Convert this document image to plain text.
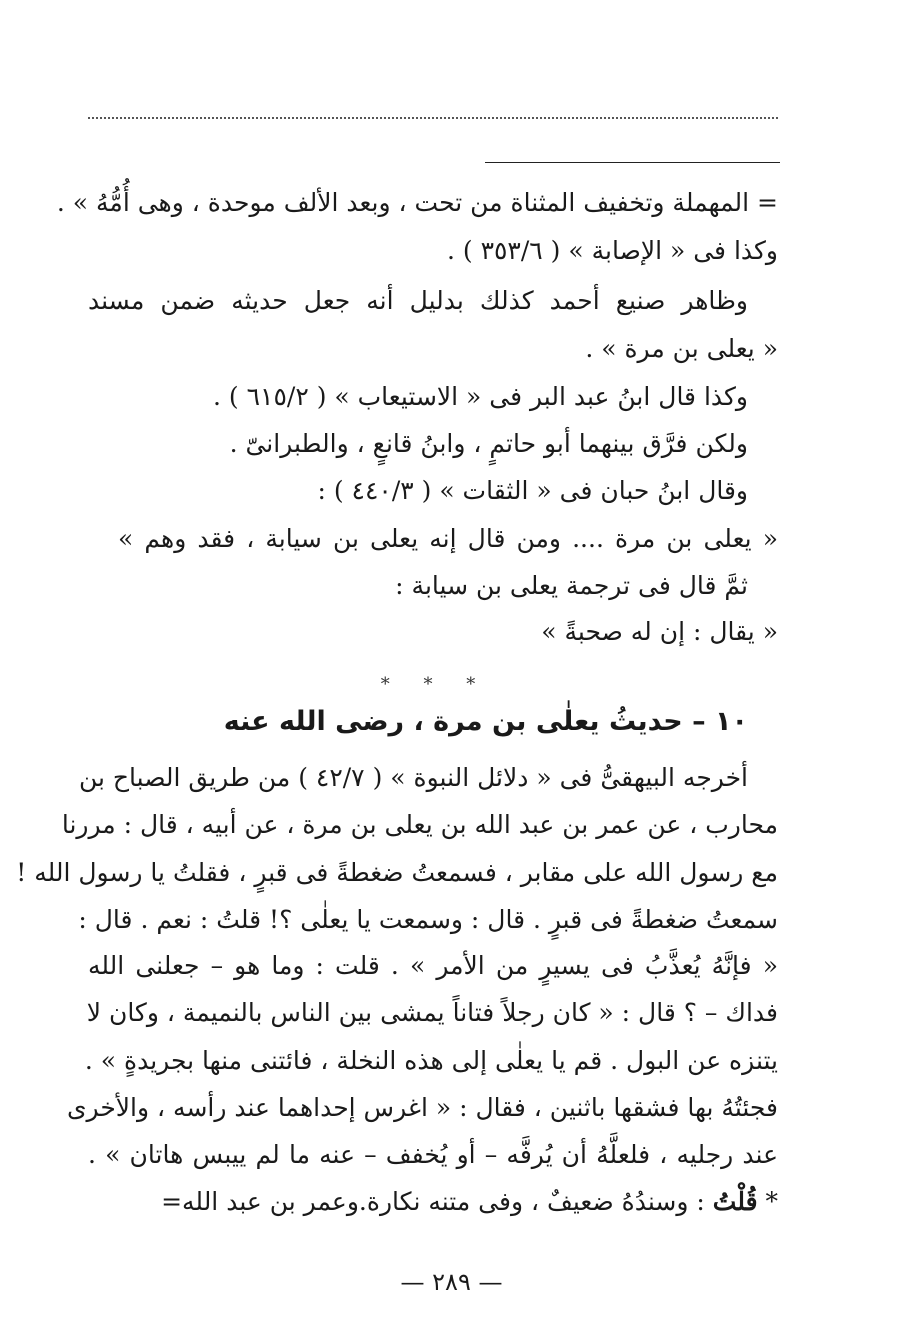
= المهملة وتخفيف المثناة من تحت ، وبعد الألف موحدة ، وهى أُمُّهُ » .
وكذا فى « الإصابة » ( ٣٥٣/٦ ) .
وظاهر صنيع أحمد كذلك بدليل أنه جعل حديثه ضمن مسند
« يعلى بن مرة » .
وكذا قال ابنُ عبد البر فى « الاستيعاب » ( ٦١٥/٢ ) .
ولكن فرَّق بينهما أبو حاتمٍ ، وابنُ قانعٍ ، والطبرانىّ .
وقال ابنُ حبان فى « الثقات » ( ٤٤٠/٣ ) :
« يعلى بن مرة .... ومن قال إنه يعلى بن سيابة ، فقد وهم »
ثمَّ قال فى ترجمة يعلى بن سيابة :
« يقال : إن له صحبةً »
* * *
١٠ – حديثُ يعلٰى بن مرة ، رضى الله عنه
أخرجه البيهقىُّ فى « دلائل النبوة » ( ٤٢/٧ ) من طريق الصباح بن
محارب ، عن عمر بن عبد الله بن يعلى بن مرة ، عن أبيه ، قال : مررنا
مع رسول الله على مقابر ، فسمعتُ ضغطةً فى قبرٍ ، فقلتُ يا رسول الله !
سمعتُ ضغطةً فى قبرٍ . قال : وسمعت يا يعلٰى ؟! قلتُ : نعم . قال :
« فإنَّهُ يُعذَّبُ فى يسيرٍ من الأمر » . قلت : وما هو – جعلنى الله
فداك – ؟ قال : « كان رجلاً فتاناً يمشى بين الناس بالنميمة ، وكان لا
يتنزه عن البول . قم يا يعلٰى إلى هذه النخلة ، فائتنى منها بجريدةٍ » .
فجئتُهُ بها فشقها باثنين ، فقال : « اغرس إحداهما عند رأسه ، والأخرى
عند رجليه ، فلعلَّهُ أن يُرفَّه – أو يُخفف – عنه ما لم ييبس هاتان » .
* قُلْتُ : وسندُهُ ضعيفٌ ، وفى متنه نكارة.وعمر بن عبد الله=
— ٢٨٩ —
